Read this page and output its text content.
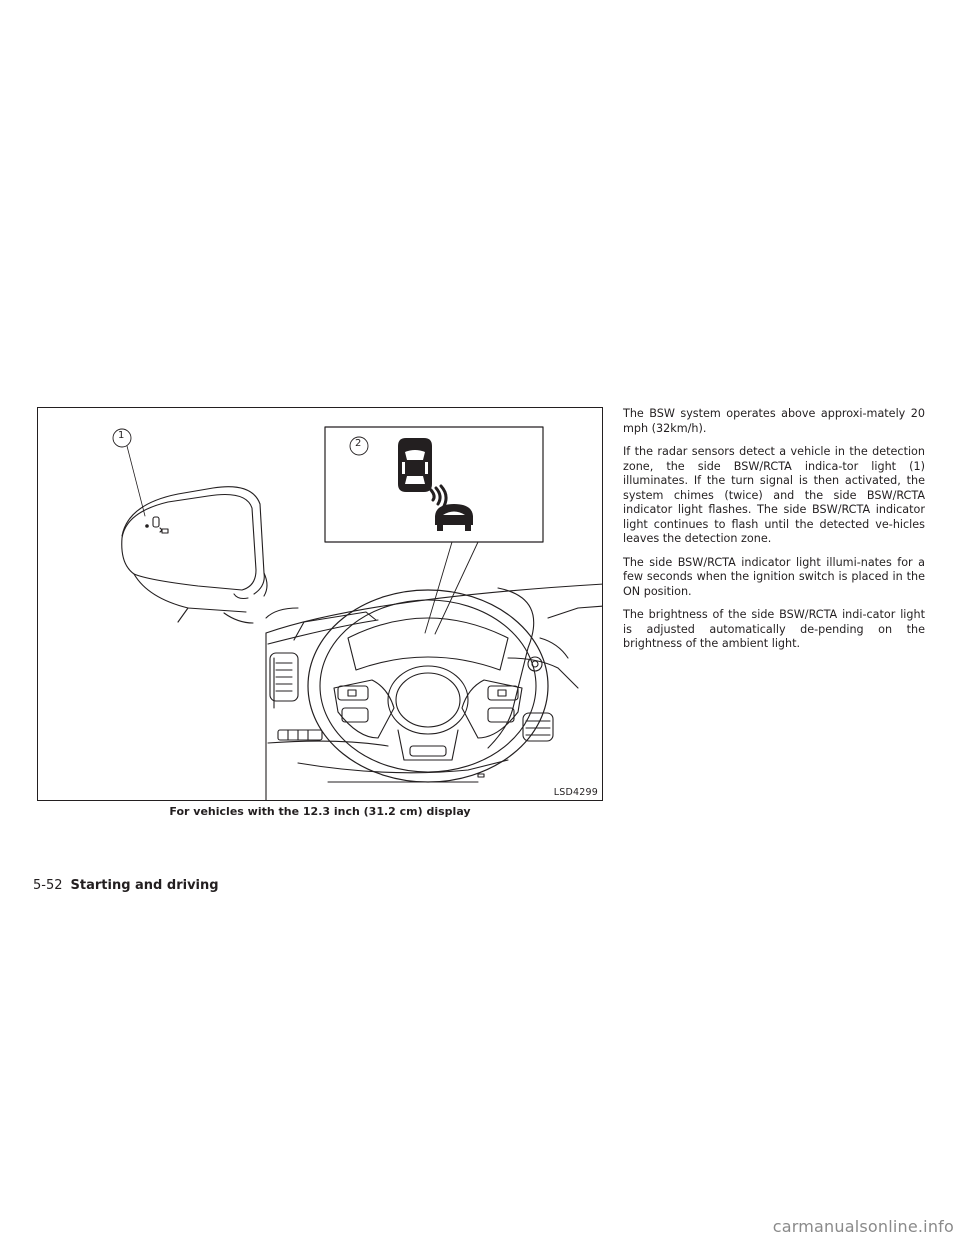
LSD4299
1
2
For vehicles with the 12.3 inch (31.2 cm) display

The BSW system operates above approxi-mately 20 mph (32km/h).

If the radar sensors detect a vehicle in the detection zone, the side BSW/RCTA indica-tor light (1) illuminates. If the turn signal is then activated, the system chimes (twice) and the side BSW/RCTA indicator light flashes. The side BSW/RCTA indicator light continues to flash until the detected ve-hicles leaves the detection zone.

The side BSW/RCTA indicator light illumi-nates for a few seconds when the ignition switch is placed in the ON position.

The brightness of the side BSW/RCTA indi-cator light is adjusted automatically de-pending on the brightness of the ambient light.

5-52 Starting and driving
carmanualsonline.info
